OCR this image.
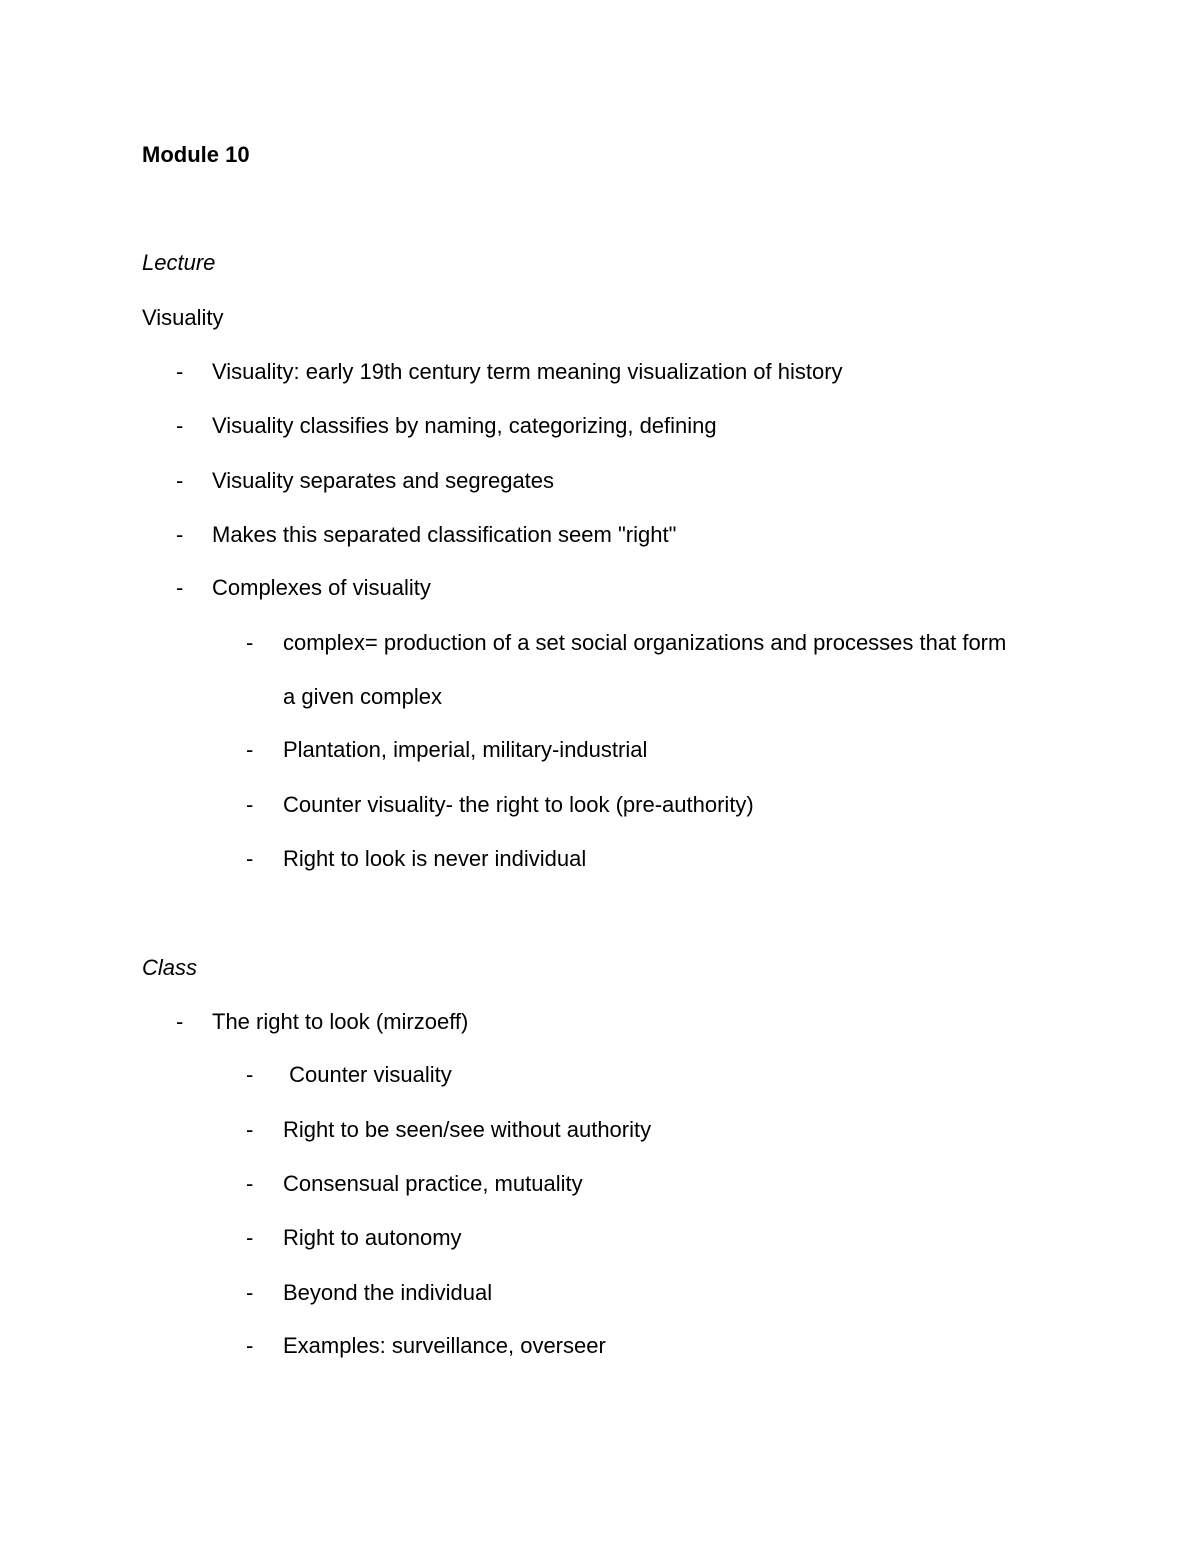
Module 10
Lecture
Visuality
- Visuality: early 19th century term meaning visualization of history
- Visuality classifies by naming, categorizing, defining
- Visuality separates and segregates
- Makes this separated classification seem "right"
- Complexes of visuality
- complex= production of a set social organizations and processes that form
a given complex
- Plantation, imperial, military-industrial
- Counter visuality- the right to look (pre-authority)
- Right to look is never individual
Class
- The right to look (mirzoeff)
- Counter visuality
- Right to be seen/see without authority
- Consensual practice, mutuality
- Right to autonomy
- Beyond the individual
- Examples: surveillance, overseer
